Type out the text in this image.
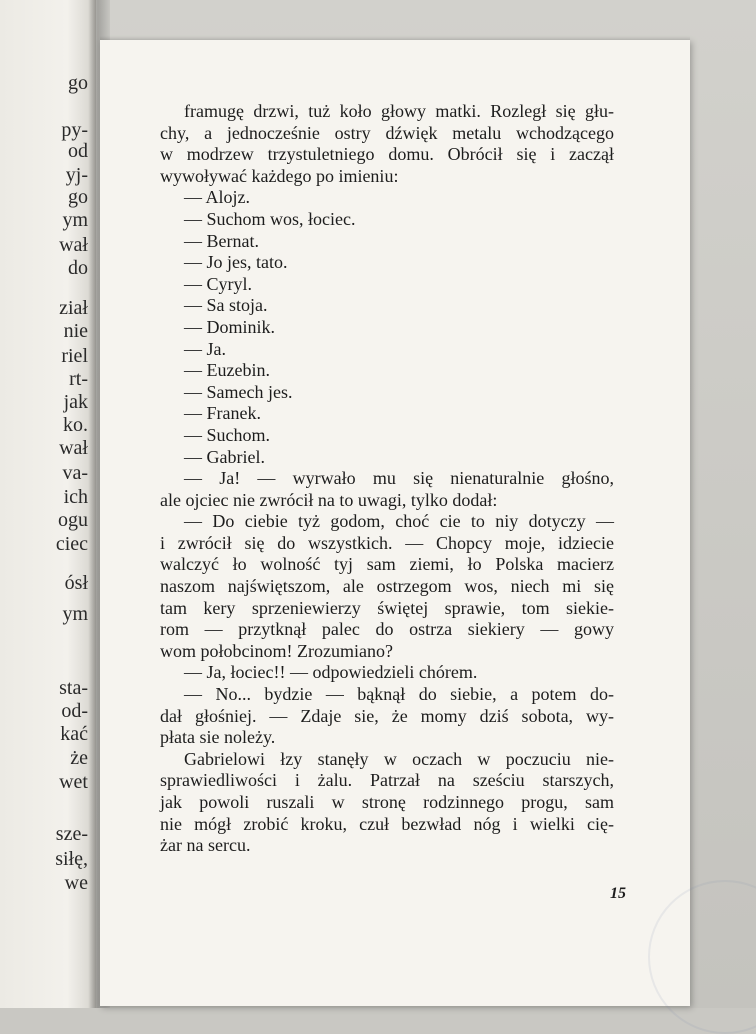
go

py-

od

yj-

go

ym

wał

do

ział

nie

riel

rt-

jak

ko.

wał

va-

ich

ogu

ciec

ósł

ym

sta-

od-

kać

że

wet

sze-

siłę,

we

framugę drzwi, tuż koło głowy matki. Rozległ się głu-
chy, a jednocześnie ostry dźwięk metalu wchodzącego
w modrzew trzystuletniego domu. Obrócił się i zaczął
wywoływać każdego po imieniu:
— Alojz.
— Suchom wos, łociec.
— Bernat.
— Jo jes, tato.
— Cyryl.
— Sa stoja.
— Dominik.
— Ja.
— Euzebin.
— Samech jes.
— Franek.
— Suchom.
— Gabriel.
— Ja! — wyrwało mu się nienaturalnie głośno,
ale ojciec nie zwrócił na to uwagi, tylko dodał:
— Do ciebie tyż godom, choć cie to niy dotyczy —
i zwrócił się do wszystkich. — Chopcy moje, idziecie
walczyć ło wolność tyj sam ziemi, ło Polska macierz
naszom najświętszom, ale ostrzegom wos, niech mi się
tam kery sprzeniewierzy świętej sprawie, tom siekie-
rom — przytknął palec do ostrza siekiery — gowy
wom połobcinom! Zrozumiano?
— Ja, łociec!! — odpowiedzieli chórem.
— No... bydzie — bąknął do siebie, a potem do-
dał głośniej. — Zdaje sie, że momy dziś sobota, wy-
płata sie noleży.
Gabrielowi łzy stanęły w oczach w poczuciu nie-
sprawiedliwości i żalu. Patrzał na sześciu starszych,
jak powoli ruszali w stronę rodzinnego progu, sam
nie mógł zrobić kroku, czuł bezwład nóg i wielki cię-
żar na sercu.
15
